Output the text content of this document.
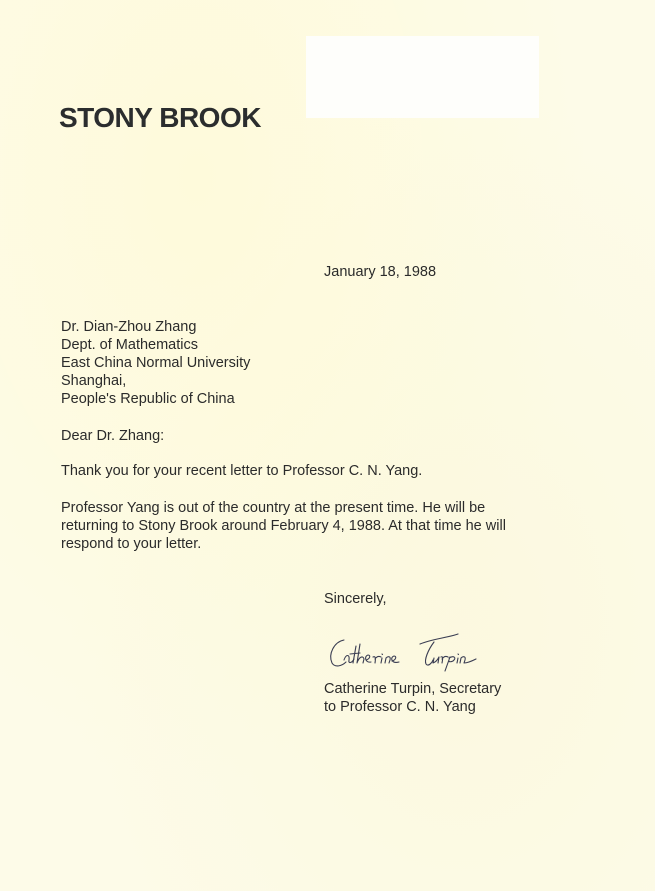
STONY BROOK

January 18, 1988

Dr. Dian-Zhou Zhang
Dept. of Mathematics
East China Normal University
Shanghai,
People's Republic of China

Dear Dr. Zhang:

Thank you for your recent letter to Professor C. N. Yang.

Professor Yang is out of the country at the present time. He will be
returning to Stony Brook around February 4, 1988. At that time he will
respond to your letter.

Sincerely,

Catherine Turpin, Secretary
to Professor C. N. Yang
